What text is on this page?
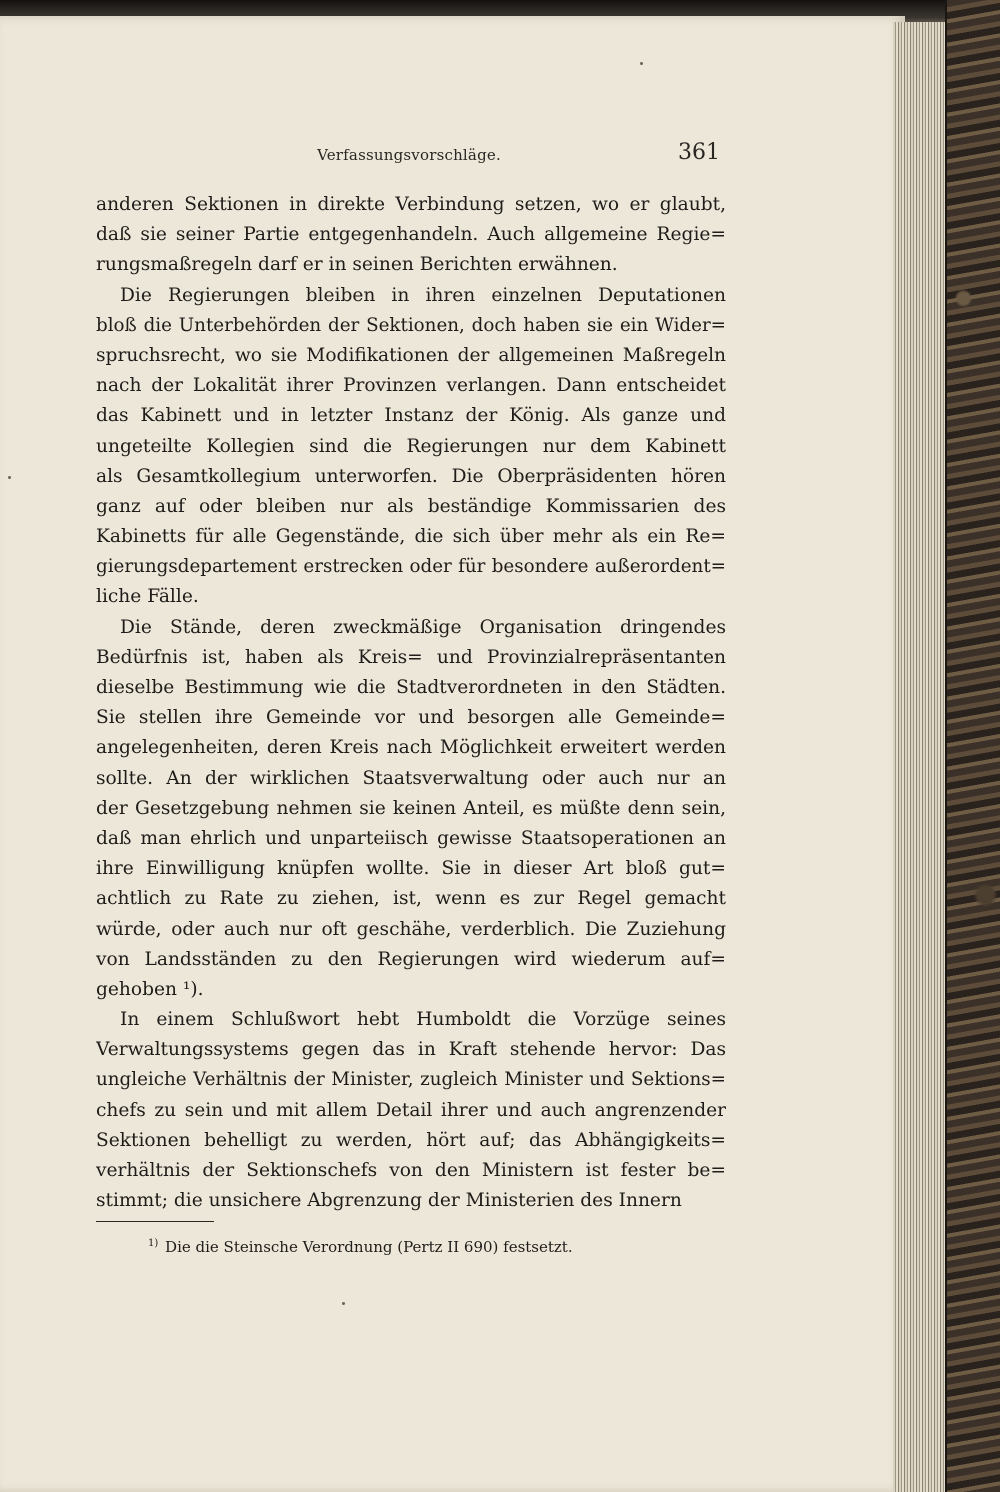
Verfassungsvorschläge.	361
anderen Sektionen in direkte Verbindung setzen, wo er glaubt,
daß sie seiner Partie entgegenhandeln. Auch allgemeine Regie=
rungsmaßregeln darf er in seinen Berichten erwähnen.
Die Regierungen bleiben in ihren einzelnen Deputationen
bloß die Unterbehörden der Sektionen, doch haben sie ein Wider=
spruchsrecht, wo sie Modifikationen der allgemeinen Maßregeln
nach der Lokalität ihrer Provinzen verlangen. Dann entscheidet
das Kabinett und in letzter Instanz der König. Als ganze und
ungeteilte Kollegien sind die Regierungen nur dem Kabinett
als Gesamtkollegium unterworfen. Die Oberpräsidenten hören
ganz auf oder bleiben nur als beständige Kommissarien des
Kabinetts für alle Gegenstände, die sich über mehr als ein Re=
gierungsdepartement erstrecken oder für besondere außerordent=
liche Fälle.
Die Stände, deren zweckmäßige Organisation dringendes
Bedürfnis ist, haben als Kreis= und Provinzialrepräsentanten
dieselbe Bestimmung wie die Stadtverordneten in den Städten.
Sie stellen ihre Gemeinde vor und besorgen alle Gemeinde=
angelegenheiten, deren Kreis nach Möglichkeit erweitert werden
sollte. An der wirklichen Staatsverwaltung oder auch nur an
der Gesetzgebung nehmen sie keinen Anteil, es müßte denn sein,
daß man ehrlich und unparteiisch gewisse Staatsoperationen an
ihre Einwilligung knüpfen wollte. Sie in dieser Art bloß gut=
achtlich zu Rate zu ziehen, ist, wenn es zur Regel gemacht
würde, oder auch nur oft geschähe, verderblich. Die Zuziehung
von Landsständen zu den Regierungen wird wiederum auf=
gehoben ¹).
In einem Schlußwort hebt Humboldt die Vorzüge seines
Verwaltungssystems gegen das in Kraft stehende hervor: Das
ungleiche Verhältnis der Minister, zugleich Minister und Sektions=
chefs zu sein und mit allem Detail ihrer und auch angrenzender
Sektionen behelligt zu werden, hört auf; das Abhängigkeits=
verhältnis der Sektionschefs von den Ministern ist fester be=
stimmt; die unsichere Abgrenzung der Ministerien des Innern
$^{1)}$ Die die Steinsche Verordnung (Pertz II 690) festsetzt.
